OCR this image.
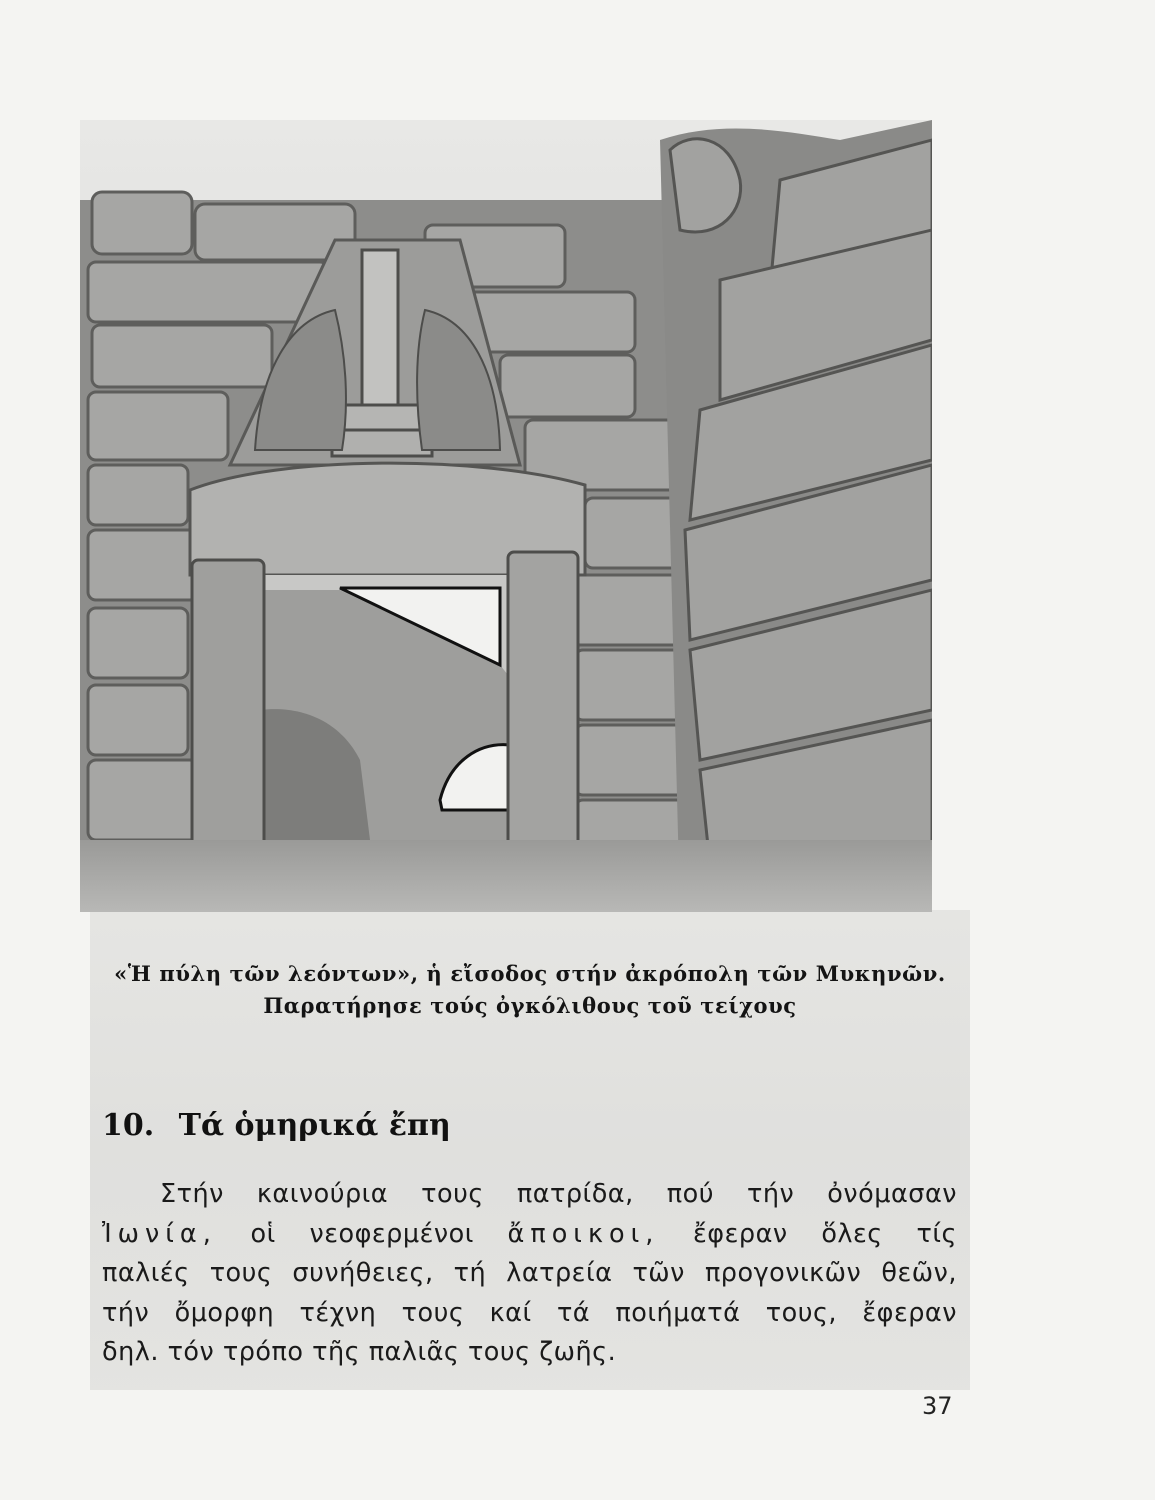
«Ἡ πύλη τῶν λεόντων», ἡ εἴσοδος στήν ἀκρόπολη τῶν Μυκηνῶν.
Παρατήρησε τούς ὀγκόλιθους τοῦ τείχους
10. Τά ὁμηρικά ἔπη
Στήν καινούρια τους πατρίδα, πού τήν ὀνόμασαν
Ἰωνία, οἱ νεοφερμένοι ἄποικοι, ἔφεραν ὅλες τίς
παλιές τους συνήθειες, τή λατρεία τῶν προγονικῶν θεῶν,
τήν ὄμορφη τέχνη τους καί τά ποιήματά τους, ἔφεραν
δηλ.
τόν
τρόπο
τῆς
παλιᾶς
τους
ζωῆς.
37
